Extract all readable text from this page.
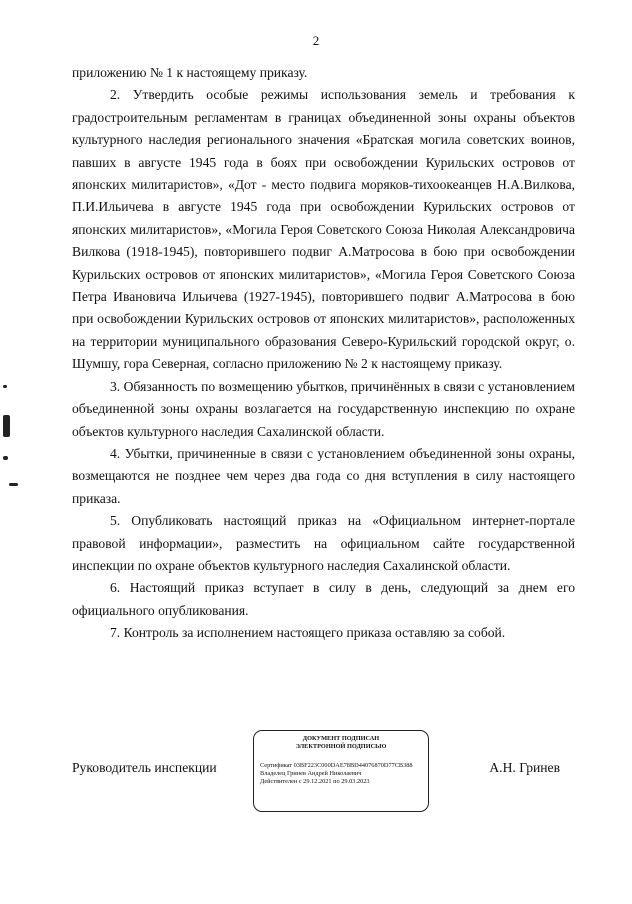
2

приложению № 1 к настоящему приказу.

2. Утвердить особые режимы использования земель и требования к градостроительным регламентам в границах объединенной зоны охраны объектов культурного наследия регионального значения «Братская могила советских воинов, павших в августе 1945 года в боях при освобождении Курильских островов от японских милитаристов», «Дот - место подвига моряков-тихоокеанцев Н.А.Вилкова, П.И.Ильичева в августе 1945 года при освобождении Курильских островов от японских милитаристов», «Могила Героя Советского Союза Николая Александровича Вилкова (1918-1945), повторившего подвиг А.Матросова в бою при освобождении Курильских островов от японских милитаристов», «Могила Героя Советского Союза Петра Ивановича Ильичева (1927-1945), повторившего подвиг А.Матросова в бою при освобождении Курильских островов от японских милитаристов», расположенных на территории муниципального образования Северо-Курильский городской округ, о. Шумшу, гора Северная, согласно приложению № 2 к настоящему приказу.

3. Обязанность по возмещению убытков, причинённых в связи с установлением объединенной зоны охраны возлагается на государственную инспекцию по охране объектов культурного наследия Сахалинской области.

4. Убытки, причиненные в связи с установлением объединенной зоны охраны, возмещаются не позднее чем через два года со дня вступления в силу настоящего приказа.

5. Опубликовать настоящий приказ на «Официальном интернет-портале правовой информации», разместить на официальном сайте государственной инспекции по охране объектов культурного наследия Сахалинской области.

6. Настоящий приказ вступает в силу в день, следующий за днем его официального опубликования.

7. Контроль за исполнением настоящего приказа оставляю за собой.

Руководитель инспекции
ДОКУМЕНТ ПОДПИСАН
ЭЛЕКТРОННОЙ ПОДПИСЬЮ
Сертификат 03BF223C000DAE78BD44076870D77CB388
Владелец Гринев Андрей Николаевич
Действителен с 29.12.2021 по 29.03.2023
А.Н. Гринев
